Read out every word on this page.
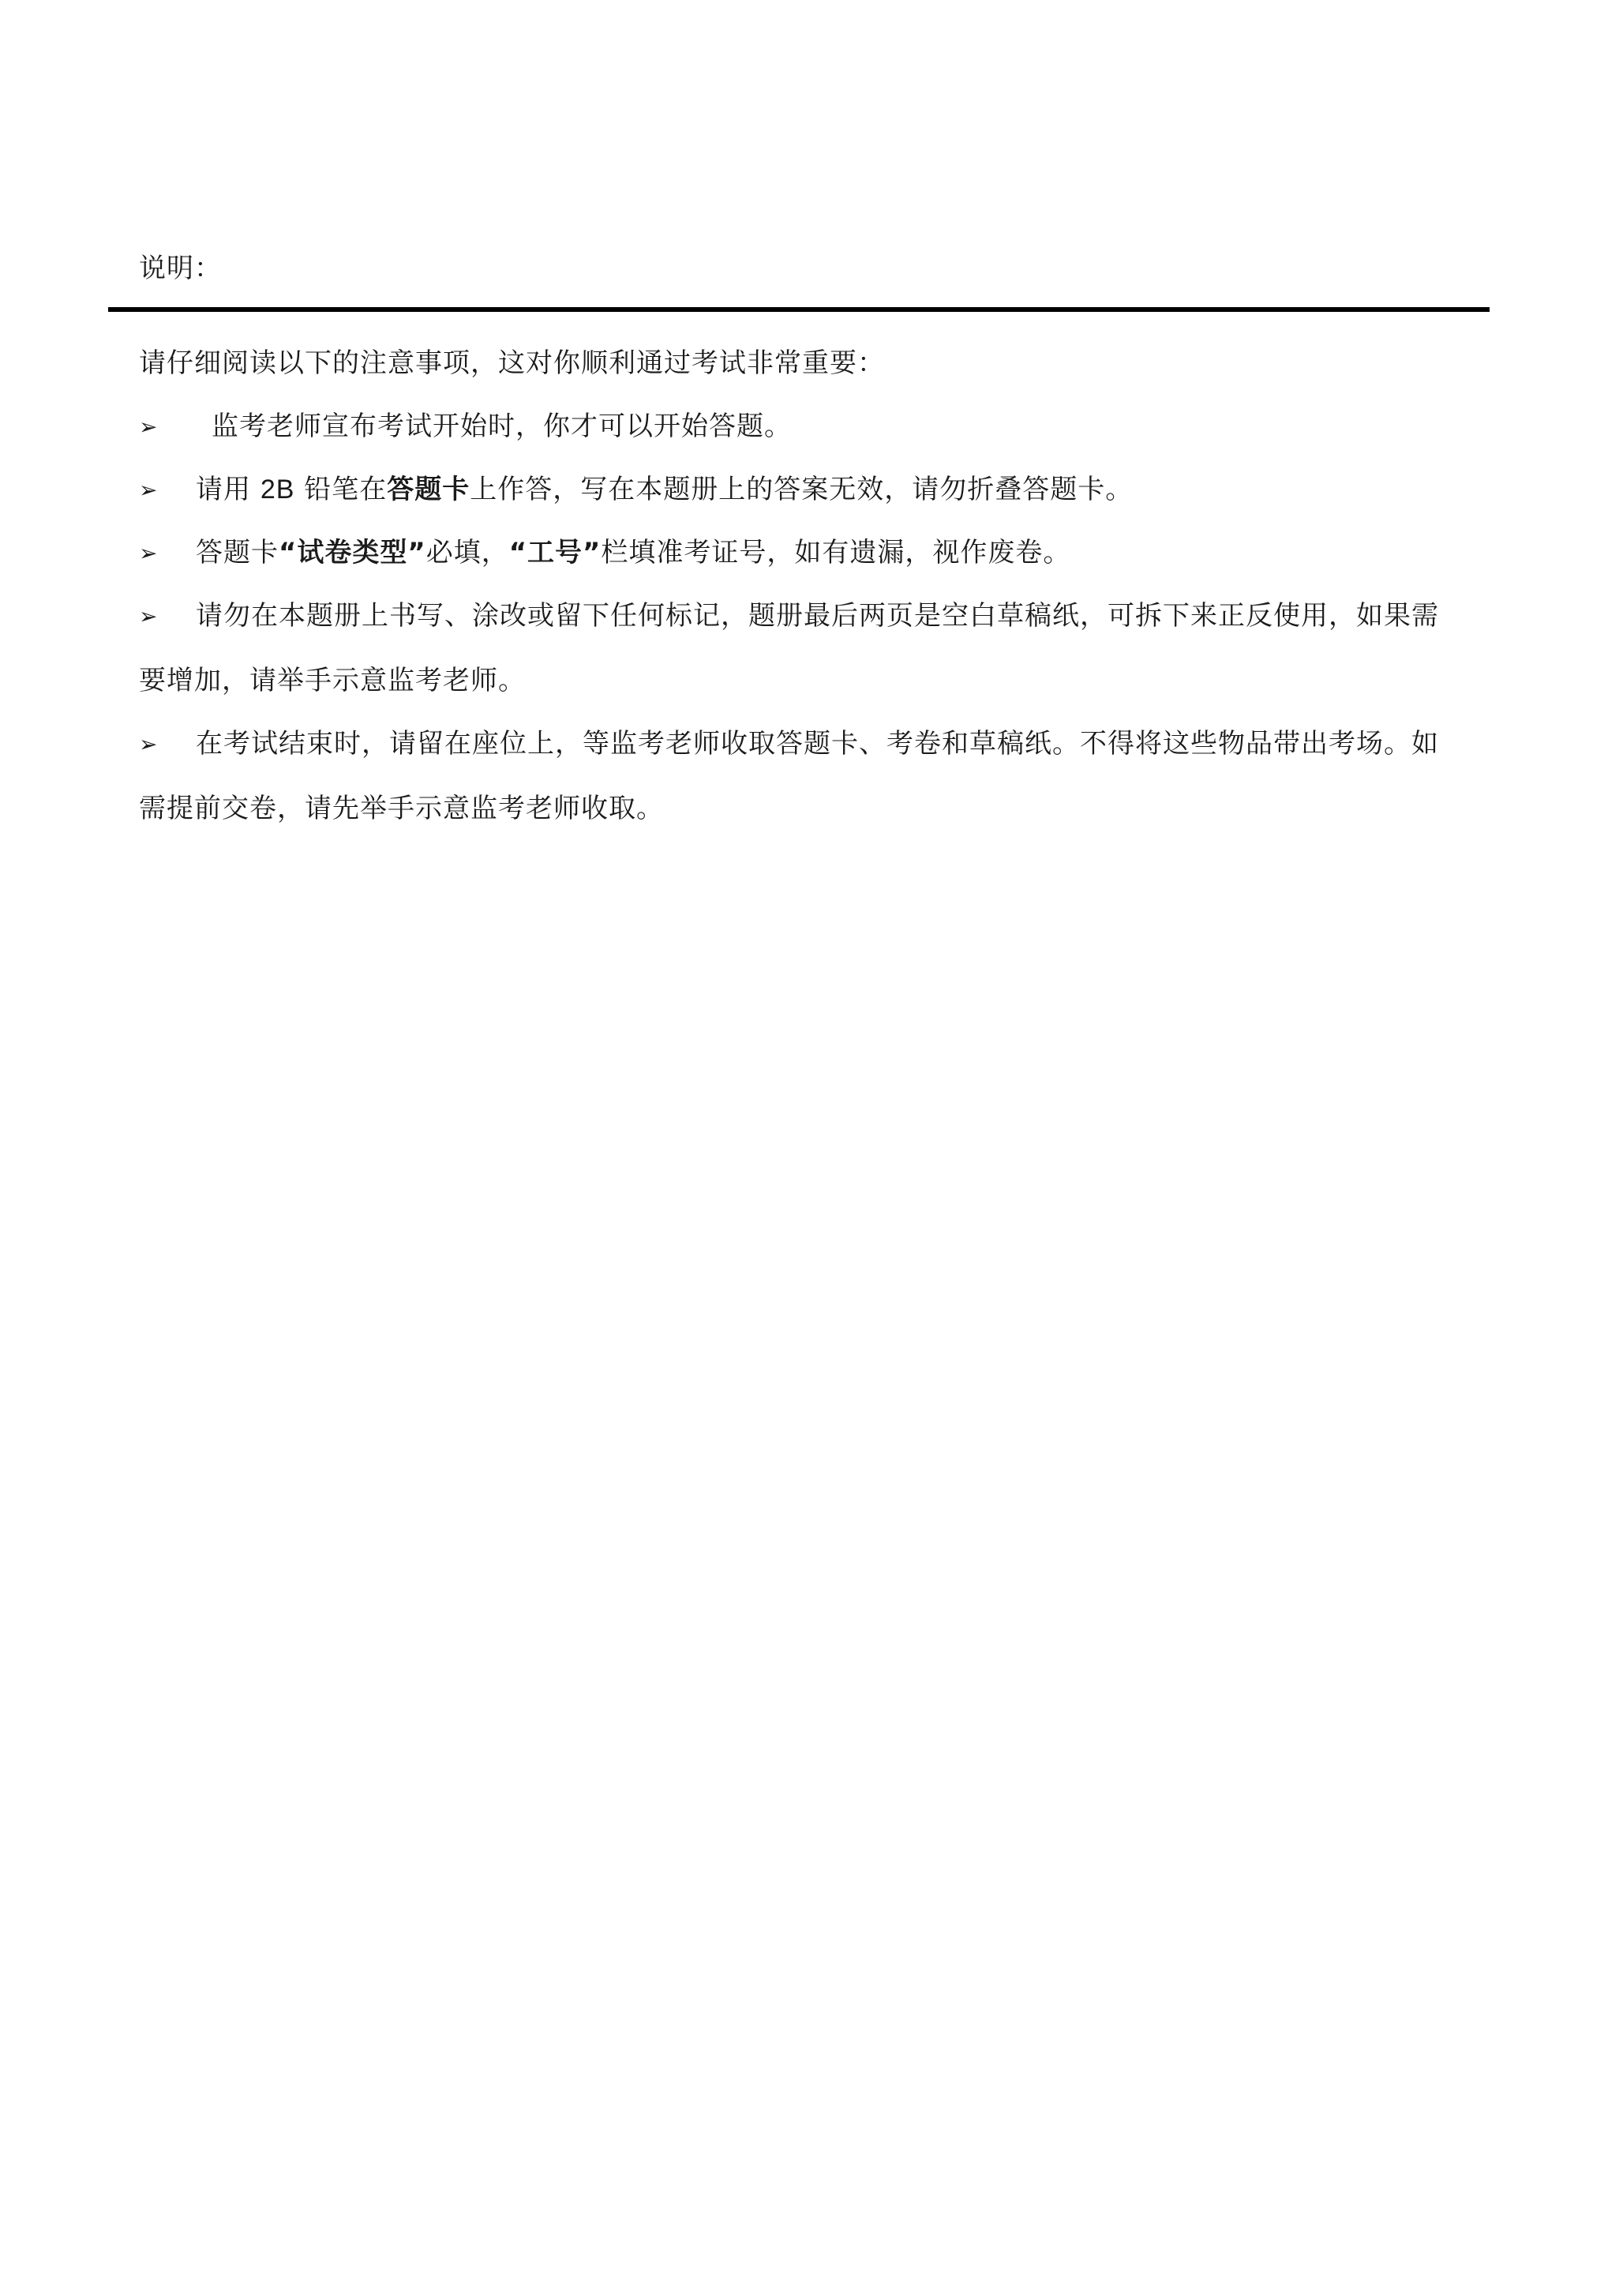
说明：
请仔细阅读以下的注意事项，这对你顺利通过考试非常重要：
➢ 监考老师宣布考试开始时，你才可以开始答题。
➢ 请用 2B 铅笔在答题卡上作答，写在本题册上的答案无效，请勿折叠答题卡。
➢ 答题卡“试卷类型”必填，“工号”栏填准考证号，如有遗漏，视作废卷。
➢ 请勿在本题册上书写、涂改或留下任何标记，题册最后两页是空白草稿纸，可拆下来正反使用，如果需
要增加，请举手示意监考老师。
➢ 在考试结束时，请留在座位上，等监考老师收取答题卡、考卷和草稿纸。不得将这些物品带出考场。如
需提前交卷，请先举手示意监考老师收取。
